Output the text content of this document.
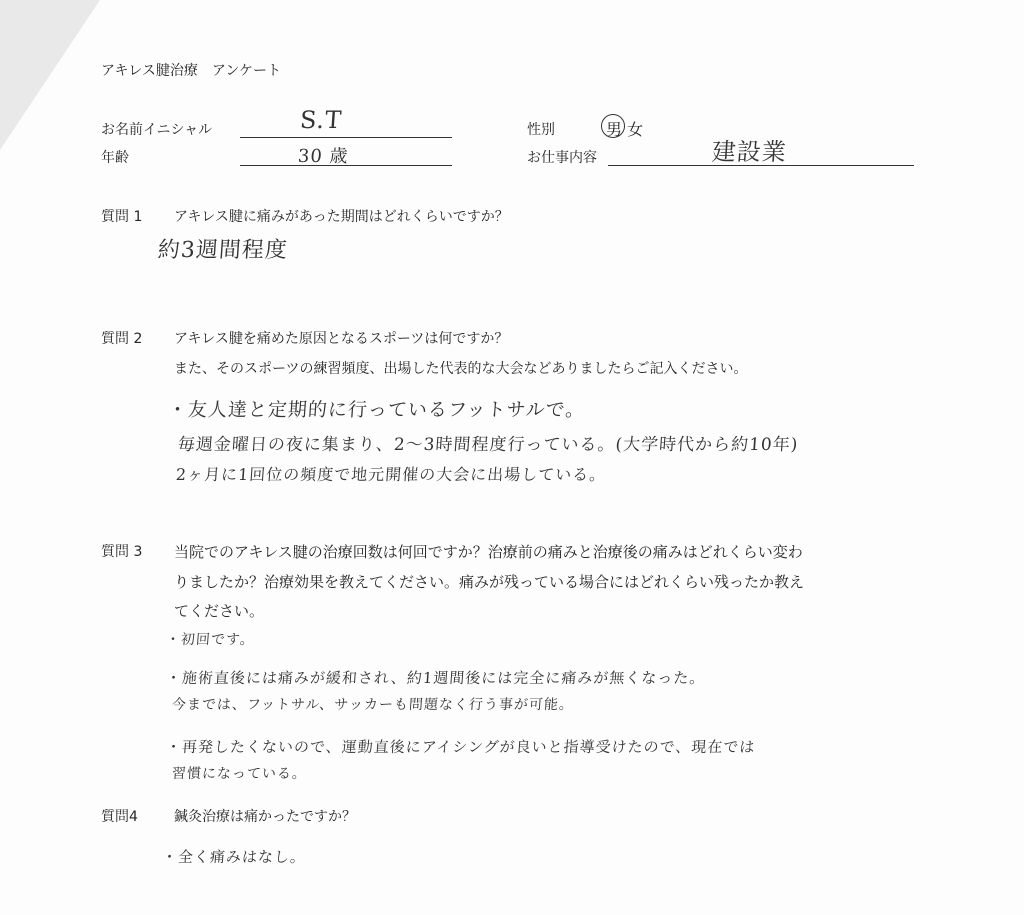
アキレス腱治療　アンケート
お名前イニシャル	S.T
年齢	30 歳
性別	男 女
お仕事内容	建設業
質問 1 アキレス腱に痛みがあった期間はどれくらいですか？
約3週間程度
質問 2 アキレス腱を痛めた原因となるスポーツは何ですか？
また、そのスポーツの練習頻度、出場した代表的な大会などありましたらご記入ください。
・友人達と定期的に行っているフットサルで。
毎週金曜日の夜に集まり、2〜3時間程度行っている。(大学時代から約10年)
2ヶ月に1回位の頻度で地元開催の大会に出場している。
質問 3 当院でのアキレス腱の治療回数は何回ですか？治療前の痛みと治療後の痛みはどれくらい変わ
りましたか？治療効果を教えてください。痛みが残っている場合にはどれくらい残ったか教え
てください。
・初回です。
・施術直後には痛みが緩和され、約1週間後には完全に痛みが無くなった。
今までは、フットサル、サッカーも問題なく行う事が可能。
・再発したくないので、運動直後にアイシングが良いと指導受けたので、現在では
習慣になっている。
質問4	鍼灸治療は痛かったですか？
・全く痛みはなし。
